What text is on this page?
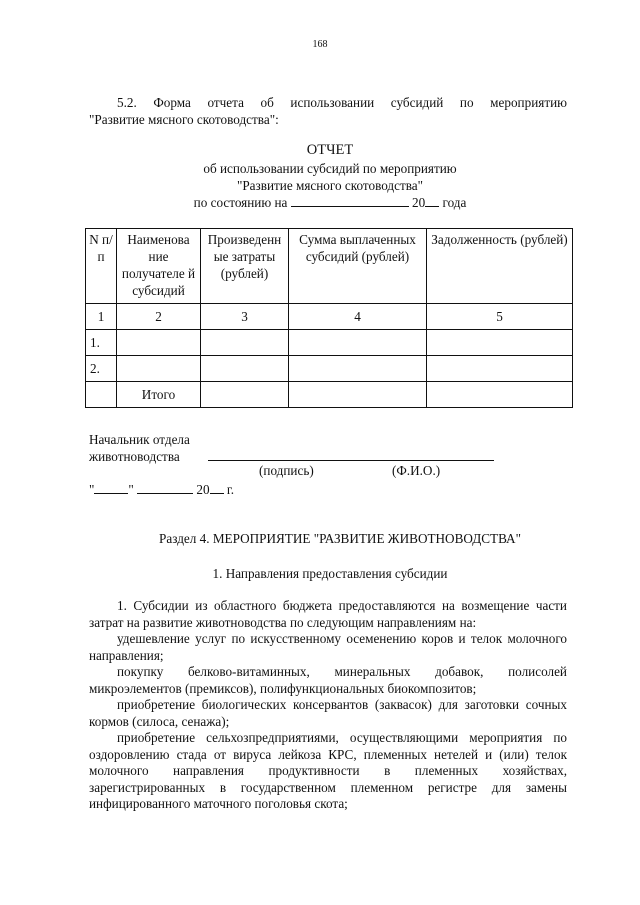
168
5.2. Форма отчета об использовании субсидий по мероприятию
"Развитие мясного скотоводства":
ОТЧЕТ
об использовании субсидий по мероприятию
"Развитие мясного скотоводства"
по состоянию на	20 года
N п/п	Наименова ние получателе й субсидий	Произведенн ые затраты (рублей)	Сумма выплаченных субсидий (рублей)	Задолженность (рублей)
1	2	3	4	5
1.				
2.				
	Итого			
Начальник отдела
животноводства
(подпись)	(Ф.И.О.)
"	"	20 г.
Раздел 4. МЕРОПРИЯТИЕ "РАЗВИТИЕ ЖИВОТНОВОДСТВА"
1. Направления предоставления субсидии

1. Субсидии из областного бюджета предоставляются на возмещение части затрат на развитие животноводства по следующим направлениям на:

удешевление услуг по искусственному осеменению коров и телок молочного направления;

покупку белково-витаминных, минеральных добавок, полисолей микроэлементов (премиксов), полифункциональных биокомпозитов;

приобретение биологических консервантов (заквасок) для заготовки сочных кормов (силоса, сенажа);

приобретение сельхозпредприятиями, осуществляющими мероприятия по оздоровлению стада от вируса лейкоза КРС, племенных нетелей и (или) телок молочного направления продуктивности в племенных хозяйствах, зарегистрированных в государственном племенном регистре для замены инфицированного маточного поголовья скота;
